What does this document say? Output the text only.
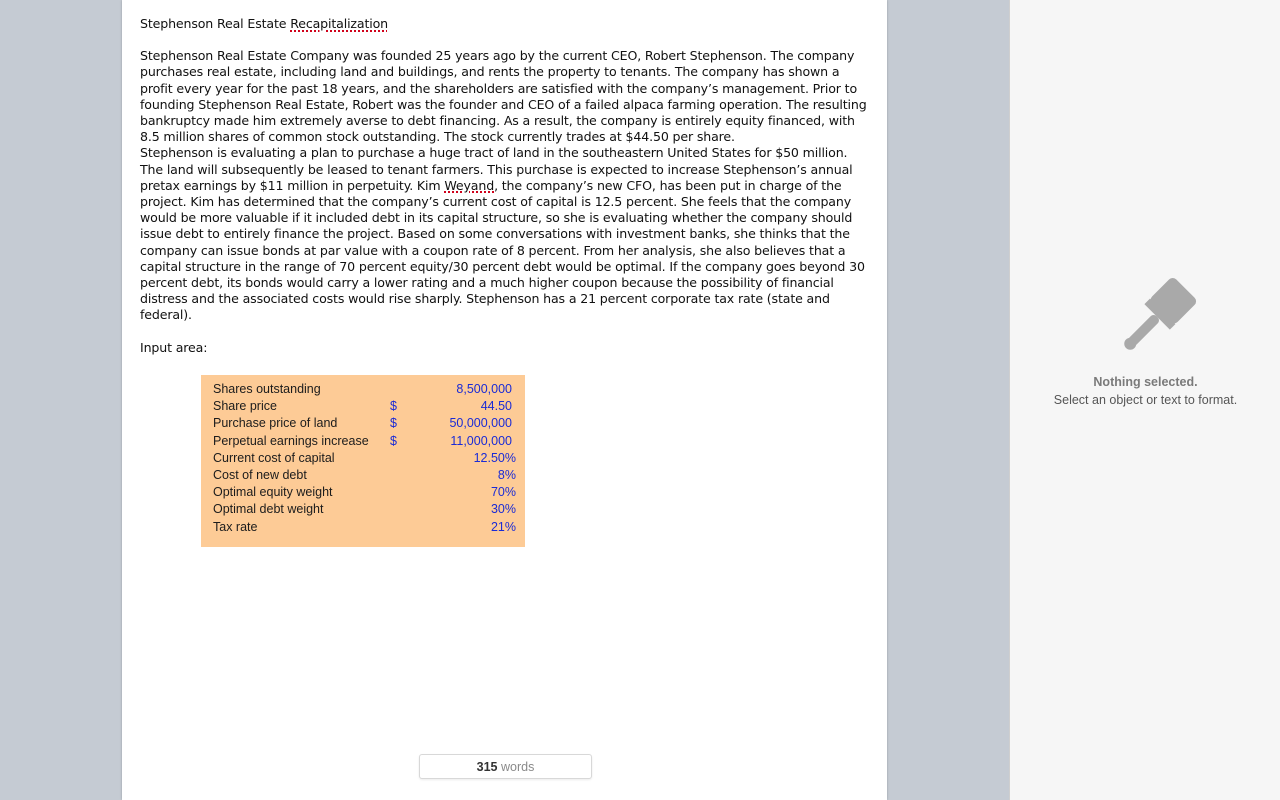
Stephenson Real Estate Recapitalization
Stephenson Real Estate Company was founded 25 years ago by the current CEO, Robert Stephenson. The company purchases real estate, including land and buildings, and rents the property to tenants. The company has shown a profit every year for the past 18 years, and the shareholders are satisfied with the company’s management. Prior to founding Stephenson Real Estate, Robert was the founder and CEO of a failed alpaca farming operation. The resulting bankruptcy made him extremely averse to debt financing. As a result, the company is entirely equity financed, with 8.5 million shares of common stock outstanding. The stock currently trades at $44.50 per share.
Stephenson is evaluating a plan to purchase a huge tract of land in the southeastern United States for $50 million. The land will subsequently be leased to tenant farmers. This purchase is expected to increase Stephenson’s annual pretax earnings by $11 million in perpetuity. Kim Weyand, the company’s new CFO, has been put in charge of the project. Kim has determined that the company’s current cost of capital is 12.5 percent. She feels that the company would be more valuable if it included debt in its capital structure, so she is evaluating whether the company should issue debt to entirely finance the project. Based on some conversations with investment banks, she thinks that the company can issue bonds at par value with a coupon rate of 8 percent. From her analysis, she also believes that a capital structure in the range of 70 percent equity/30 percent debt would be optimal. If the company goes beyond 30 percent debt, its bonds would carry a lower rating and a much higher coupon because the possibility of financial distress and the associated costs would rise sharply. Stephenson has a 21 percent corporate tax rate (state and federal).
Input area:
Shares outstanding	8,500,000
Share price	$	44.50
Purchase price of land	$	50,000,000
Perpetual earnings increase $	11,000,000
Current cost of capital	12.50%
Cost of new debt	8%
Optimal equity weight	70%
Optimal debt weight	30%
Tax rate	21%
315 words
Nothing selected.
Select an object or text to format.
